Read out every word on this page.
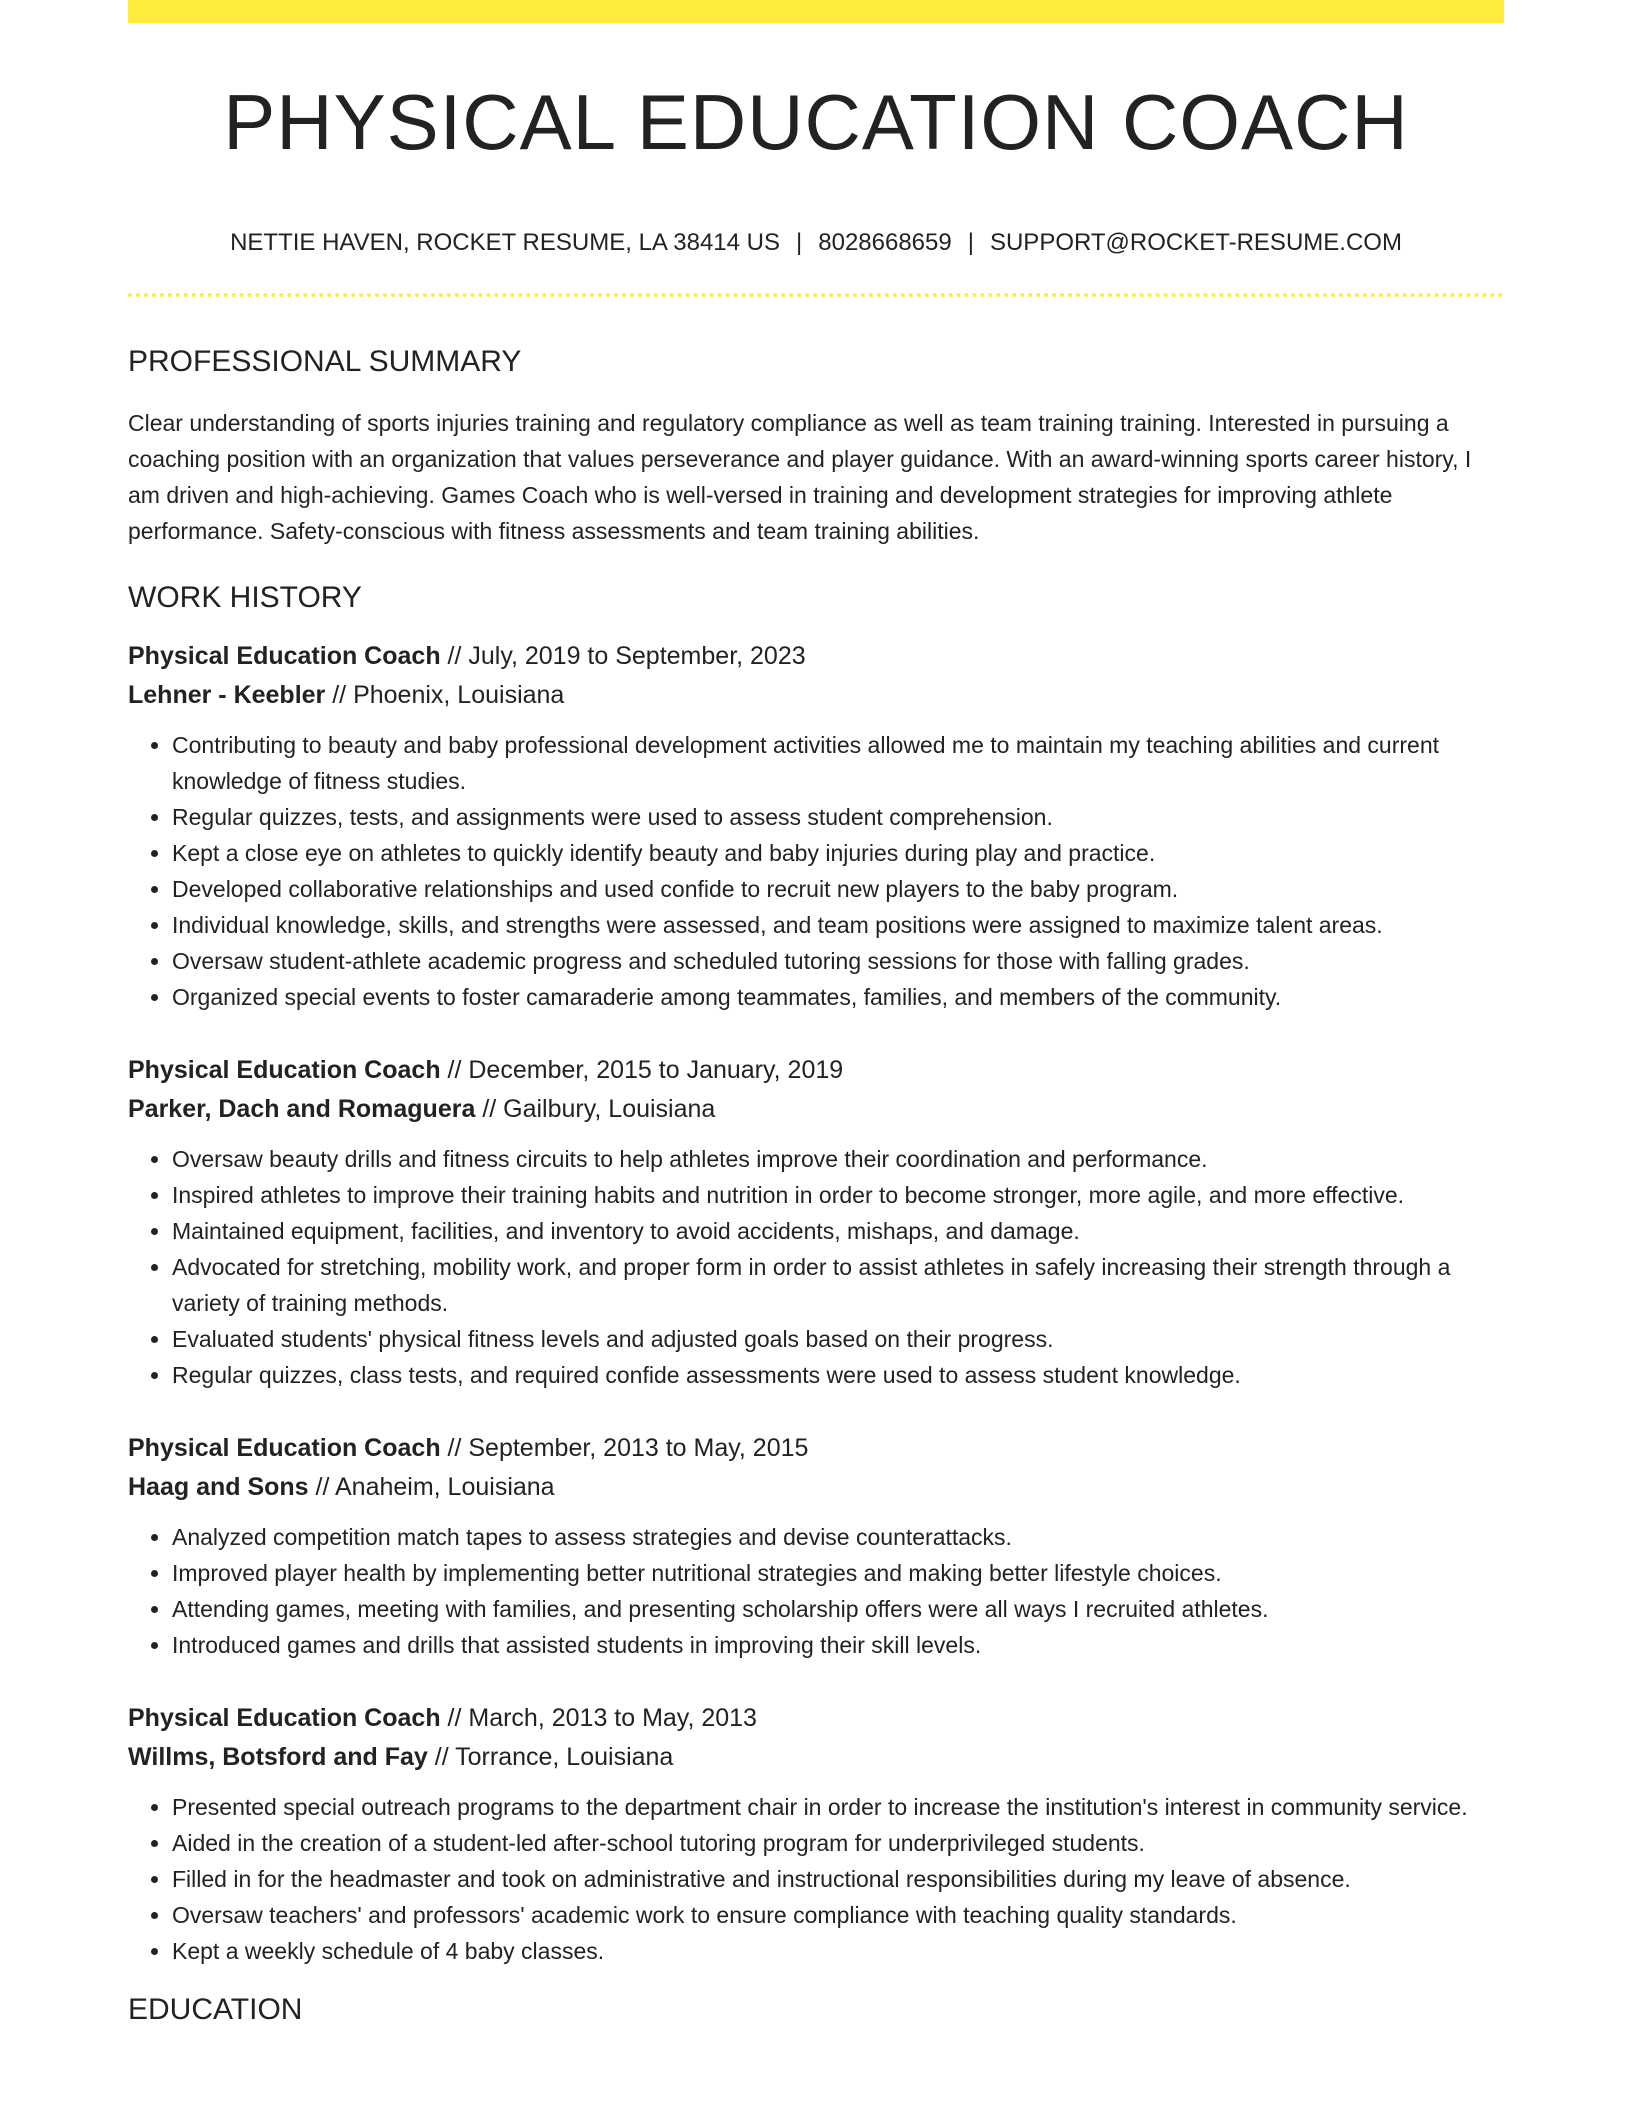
PHYSICAL EDUCATION COACH
NETTIE HAVEN, ROCKET RESUME, LA 38414 US | 8028668659 | SUPPORT@ROCKET-RESUME.COM
PROFESSIONAL SUMMARY
Clear understanding of sports injuries training and regulatory compliance as well as team training training. Interested in pursuing a coaching position with an organization that values perseverance and player guidance. With an award-winning sports career history, I am driven and high-achieving. Games Coach who is well-versed in training and development strategies for improving athlete performance. Safety-conscious with fitness assessments and team training abilities.
WORK HISTORY
Physical Education Coach // July, 2019 to September, 2023
Lehner - Keebler // Phoenix, Louisiana
• Contributing to beauty and baby professional development activities allowed me to maintain my teaching abilities and current knowledge of fitness studies.
• Regular quizzes, tests, and assignments were used to assess student comprehension.
• Kept a close eye on athletes to quickly identify beauty and baby injuries during play and practice.
• Developed collaborative relationships and used confide to recruit new players to the baby program.
• Individual knowledge, skills, and strengths were assessed, and team positions were assigned to maximize talent areas.
• Oversaw student-athlete academic progress and scheduled tutoring sessions for those with falling grades.
• Organized special events to foster camaraderie among teammates, families, and members of the community.
Physical Education Coach // December, 2015 to January, 2019
Parker, Dach and Romaguera // Gailbury, Louisiana
• Oversaw beauty drills and fitness circuits to help athletes improve their coordination and performance.
• Inspired athletes to improve their training habits and nutrition in order to become stronger, more agile, and more effective.
• Maintained equipment, facilities, and inventory to avoid accidents, mishaps, and damage.
• Advocated for stretching, mobility work, and proper form in order to assist athletes in safely increasing their strength through a variety of training methods.
• Evaluated students' physical fitness levels and adjusted goals based on their progress.
• Regular quizzes, class tests, and required confide assessments were used to assess student knowledge.
Physical Education Coach // September, 2013 to May, 2015
Haag and Sons // Anaheim, Louisiana
• Analyzed competition match tapes to assess strategies and devise counterattacks.
• Improved player health by implementing better nutritional strategies and making better lifestyle choices.
• Attending games, meeting with families, and presenting scholarship offers were all ways I recruited athletes.
• Introduced games and drills that assisted students in improving their skill levels.
Physical Education Coach // March, 2013 to May, 2013
Willms, Botsford and Fay // Torrance, Louisiana
• Presented special outreach programs to the department chair in order to increase the institution's interest in community service.
• Aided in the creation of a student-led after-school tutoring program for underprivileged students.
• Filled in for the headmaster and took on administrative and instructional responsibilities during my leave of absence.
• Oversaw teachers' and professors' academic work to ensure compliance with teaching quality standards.
• Kept a weekly schedule of 4 baby classes.
EDUCATION
